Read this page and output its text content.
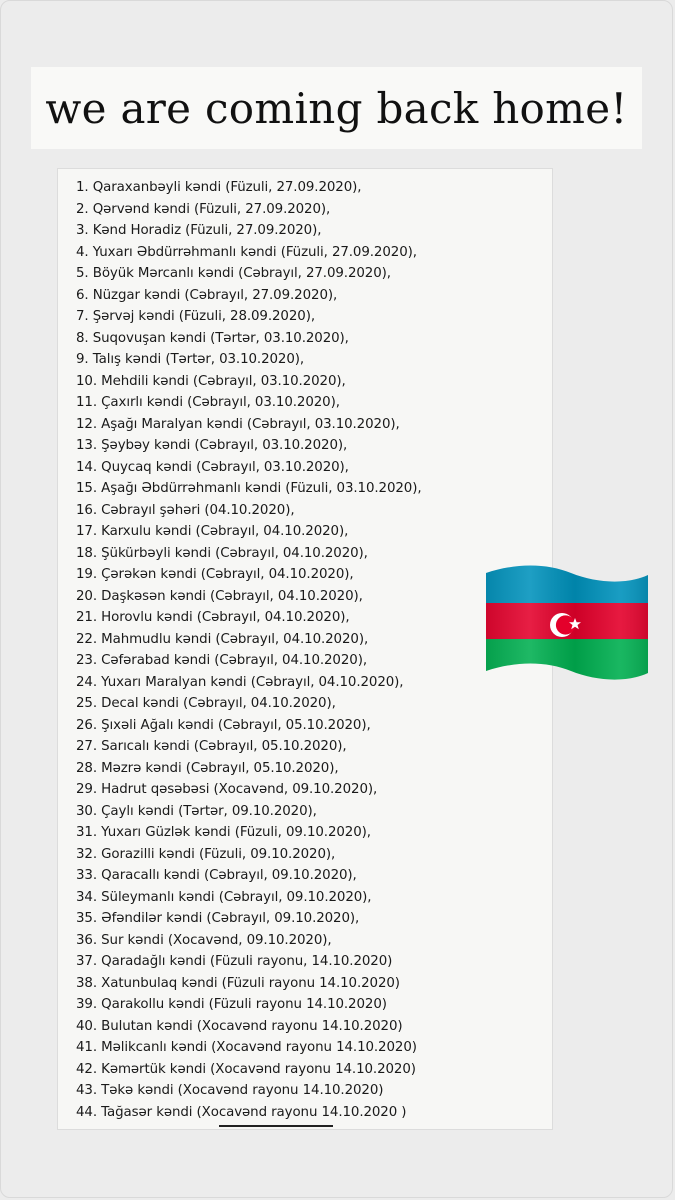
we are coming back home!
1. Qaraxanbəyli kəndi (Füzuli, 27.09.2020),
2. Qərvənd kəndi (Füzuli, 27.09.2020),
3. Kənd Horadiz (Füzuli, 27.09.2020),
4. Yuxarı Əbdürrəhmanlı kəndi (Füzuli, 27.09.2020),
5. Böyük Mərcanlı kəndi (Cəbrayıl, 27.09.2020),
6. Nüzgar kəndi (Cəbrayıl, 27.09.2020),
7. Şərvəj kəndi (Füzuli, 28.09.2020),
8. Suqovuşan kəndi (Tərtər, 03.10.2020),
9. Talış kəndi (Tərtər, 03.10.2020),
10. Mehdili kəndi (Cəbrayıl, 03.10.2020),
11. Çaxırlı kəndi (Cəbrayıl, 03.10.2020),
12. Aşağı Maralyan kəndi (Cəbrayıl, 03.10.2020),
13. Şəybəy kəndi (Cəbrayıl, 03.10.2020),
14. Quycaq kəndi (Cəbrayıl, 03.10.2020),
15. Aşağı Əbdürrəhmanlı kəndi (Füzuli, 03.10.2020),
16. Cəbrayıl şəhəri (04.10.2020),
17. Karxulu kəndi (Cəbrayıl, 04.10.2020),
18. Şükürbəyli kəndi (Cəbrayıl, 04.10.2020),
19. Çərəkən kəndi (Cəbrayıl, 04.10.2020),
20. Daşkəsən kəndi (Cəbrayıl, 04.10.2020),
21. Horovlu kəndi (Cəbrayıl, 04.10.2020),
22. Mahmudlu kəndi (Cəbrayıl, 04.10.2020),
23. Cəfərabad kəndi (Cəbrayıl, 04.10.2020),
24. Yuxarı Maralyan kəndi (Cəbrayıl, 04.10.2020),
25. Decal kəndi (Cəbrayıl, 04.10.2020),
26. Şıxəli Ağalı kəndi (Cəbrayıl, 05.10.2020),
27. Sarıcalı kəndi (Cəbrayıl, 05.10.2020),
28. Məzrə kəndi (Cəbrayıl, 05.10.2020),
29. Hadrut qəsəbəsi (Xocavənd, 09.10.2020),
30. Çaylı kəndi (Tərtər, 09.10.2020),
31. Yuxarı Güzlək kəndi (Füzuli, 09.10.2020),
32. Gorazilli kəndi (Füzuli, 09.10.2020),
33. Qaracallı kəndi (Cəbrayıl, 09.10.2020),
34. Süleymanlı kəndi (Cəbrayıl, 09.10.2020),
35. Əfəndilər kəndi (Cəbrayıl, 09.10.2020),
36. Sur kəndi (Xocavənd, 09.10.2020),
37. Qaradağlı kəndi (Füzuli rayonu, 14.10.2020)
38. Xatunbulaq kəndi (Füzuli rayonu 14.10.2020)
39. Qarakollu kəndi (Füzuli rayonu 14.10.2020)
40. Bulutan kəndi (Xocavənd rayonu 14.10.2020)
41. Məlikcanlı kəndi (Xocavənd rayonu 14.10.2020)
42. Kəmərtük kəndi (Xocavənd rayonu 14.10.2020)
43. Təkə kəndi (Xocavənd rayonu 14.10.2020)
44. Tağasər kəndi (Xocavənd rayonu 14.10.2020 )
